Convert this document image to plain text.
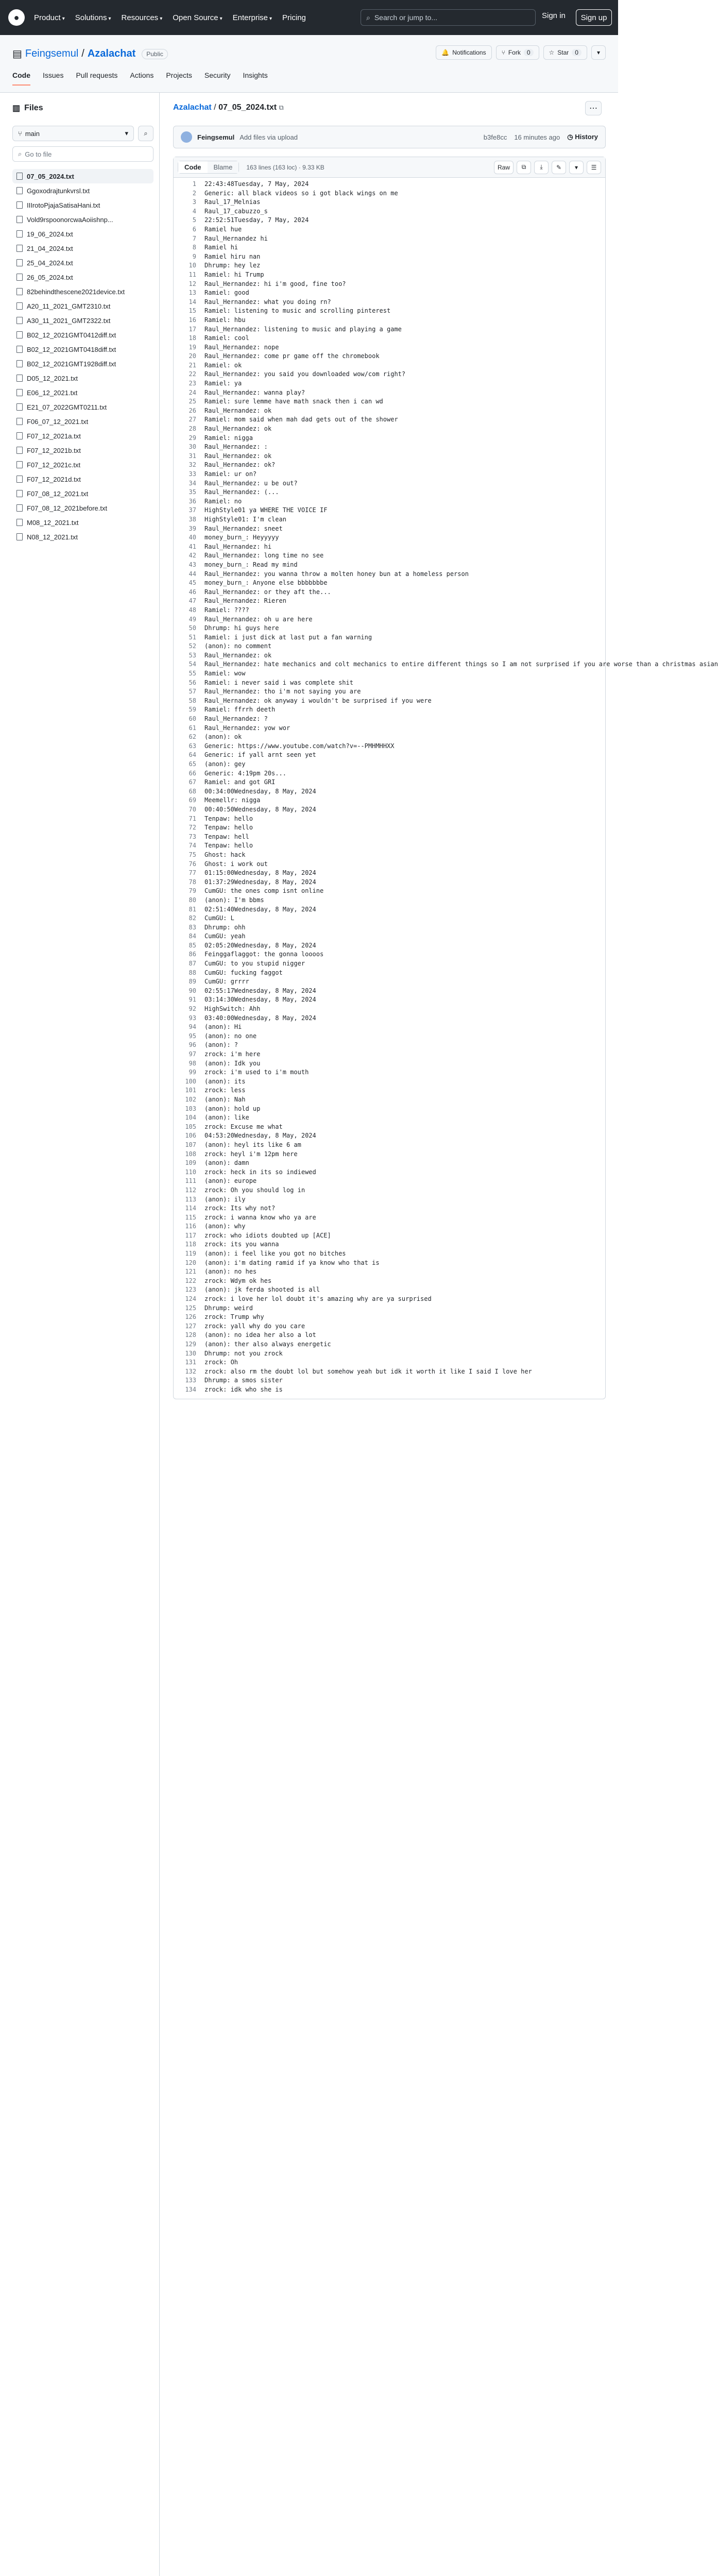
●	Product ▾ Solutions ▾ Resources ▾ Open Source ▾ Enterprise ▾ Pricing	⌕ Search or jump to...	Sign in	Sign up
▤ Feingsemul / Azalachat	Public	🔔 Notifications	⑂ Fork	0	☆ Star	0	▾
Code Issues Pull requests Actions Projects Security Insights
▥ Files
⑂ main	▾ ⌕
⌕ Go to file
07_05_2024.txt
Ggoxodrajtunkvrsl.txt
IIIrotoPjajaSatisaHani.txt
Vold9rspoonorcwaAoiishnp...
19_06_2024.txt
21_04_2024.txt
25_04_2024.txt
26_05_2024.txt
82behindthescene2021device.txt
A20_11_2021_GMT2310.txt
A30_11_2021_GMT2322.txt
B02_12_2021GMT0412diff.txt
B02_12_2021GMT0418diff.txt
B02_12_2021GMT1928diff.txt
D05_12_2021.txt
E06_12_2021.txt
E21_07_2022GMT0211.txt
F06_07_12_2021.txt
F07_12_2021a.txt
F07_12_2021b.txt
F07_12_2021c.txt
F07_12_2021d.txt
F07_08_12_2021.txt
F07_08_12_2021before.txt
M08_12_2021.txt
N08_12_2021.txt
Azalachat / 07_05_2024.txt ⧉	⋯
Feingsemul Add files via upload	b3fe8cc 16 minutes ago ◷ History
Code	Blame	163 lines (163 loc) · 9.33 KB	Raw	⧉	⤓	✎	▾	☰
1	22:43:48Tuesday, 7 May, 2024
2	Generic: all black videos so i got black wings on me
3	Raul_17_Melnias
4	Raul_17_cabuzzo_s
5	22:52:51Tuesday, 7 May, 2024
6	Ramiel hue
7	Raul_Hernandez hi
8	Ramiel hi
9	Ramiel hiru nan
10	Dhrump: hey lez
11	Ramiel: hi Trump
12	Raul_Hernandez: hi i'm good, fine too?
13	Ramiel: good
14	Raul_Hernandez: what you doing rn?
15	Ramiel: listening to music and scrolling pinterest
16	Ramiel: hbu
17	Raul_Hernandez: listening to music and playing a game
18	Ramiel: cool
19	Raul_Hernandez: nope
20	Raul_Hernandez: come pr game off the chromebook
21	Ramiel: ok
22	Raul_Hernandez: you said you downloaded wow/com right?
23	Ramiel: ya
24	Raul_Hernandez: wanna play?
25	Ramiel: sure lemme have math snack then i can wd
26	Raul_Hernandez: ok
27	Ramiel: mom said when mah dad gets out of the shower
28	Raul_Hernandez: ok
29	Ramiel: nigga
30	Raul_Hernandez: :
31	Raul_Hernandez: ok
32	Raul_Hernandez: ok?
33	Ramiel: ur on?
34	Raul_Hernandez: u be out?
35	Raul_Hernandez: (...
36	Ramiel: no
37	HighStyle01 ya WHERE THE VOICE IF
38	HighStyle01: I'm clean
39	Raul_Hernandez: sneet
40	money_burn_: Heyyyyy
41	Raul_Hernandez: hi
42	Raul_Hernandez: long time no see
43	money_burn_: Read my mind
44	Raul_Hernandez: you wanna throw a molten honey bun at a homeless person
45	money_burn_: Anyone else bbbbbbbe
46	Raul_Hernandez: or they aft the...
47	Raul_Hernandez: Rieren
48	Ramiel: ????
49	Raul_Hernandez: oh u are here
50	Dhrump: hi guys here
51	Ramiel: i just dick at last put a fan warning
52	(anon): no comment
53	Raul_Hernandez: ok
54	Raul_Hernandez: hate mechanics and colt mechanics to entire different things so I am not surprised if you are worse than a christmas asian
55	Ramiel: wow
56	Ramiel: i never said i was complete shit
57	Raul_Hernandez: tho i'm not saying you are
58	Raul_Hernandez: ok anyway i wouldn't be surprised if you were
59	Ramiel: ffrrh deeth
60	Raul_Hernandez: ?
61	Raul_Hernandez: yow wor
62	(anon): ok
63	Generic: https://www.youtube.com/watch?v=--PMHMHHXX
64	Generic: if yall arnt seen yet
65	(anon): gey
66	Generic: 4:19pm 20s...
67	Ramiel: and got GRI
68	00:34:00Wednesday, 8 May, 2024
69	Meemellr: nigga
70	00:40:50Wednesday, 8 May, 2024
71	Tenpaw: hello
72	Tenpaw: hello
73	Tenpaw: hell
74	Tenpaw: hello
75	Ghost: hack
76	Ghost: i work out
77	01:15:00Wednesday, 8 May, 2024
78	01:37:29Wednesday, 8 May, 2024
79	CumGU: the ones comp isnt online
80	(anon): I'm bbms
81	02:51:40Wednesday, 8 May, 2024
82	CumGU: L
83	Dhrump: ohh
84	CumGU: yeah
85	02:05:20Wednesday, 8 May, 2024
86	Feinggaflaggot: the gonna loooos
87	CumGU: to you stupid nigger
88	CumGU: fucking faggot
89	CumGU: grrrr
90	02:55:17Wednesday, 8 May, 2024
91	03:14:30Wednesday, 8 May, 2024
92	HighSwitch: Ahh
93	03:40:00Wednesday, 8 May, 2024
94	(anon): Hi
95	(anon): no one
96	(anon): ?
97	zrock: i'm here
98	(anon): Idk you
99	zrock: i'm used to i'm mouth
100	(anon): its
101	zrock: less
102	(anon): Nah
103	(anon): hold up
104	(anon): like
105	zrock: Excuse me what
106	04:53:20Wednesday, 8 May, 2024
107	(anon): heyl its like 6 am
108	zrock: heyl i'm 12pm here
109	(anon): damn
110	zrock: heck in its so indiewed
111	(anon): europe
112	zrock: Oh you should log in
113	(anon): ily
114	zrock: Its why not?
115	zrock: i wanna know who ya are
116	(anon): why
117	zrock: who idiots doubted up [ACE]
118	zrock: its you wanna
119	(anon): i feel like you got no bitches
120	(anon): i'm dating ramid if ya know who that is
121	(anon): no hes
122	zrock: Wdym ok hes
123	(anon): jk ferda shooted is all
124	zrock: i love her lol doubt it's amazing why are ya surprised
125	Dhrump: weird
126	zrock: Trump why
127	zrock: yall why do you care
128	(anon): no idea her also a lot
129	(anon): ther also always energetic
130	Dhrump: not you zrock
131	zrock: Oh
132	zrock: also rm the doubt lol but somehow yeah but idk it worth it like I said I love her
133	Dhrump: a smos sister
134	zrock: idk who she is
